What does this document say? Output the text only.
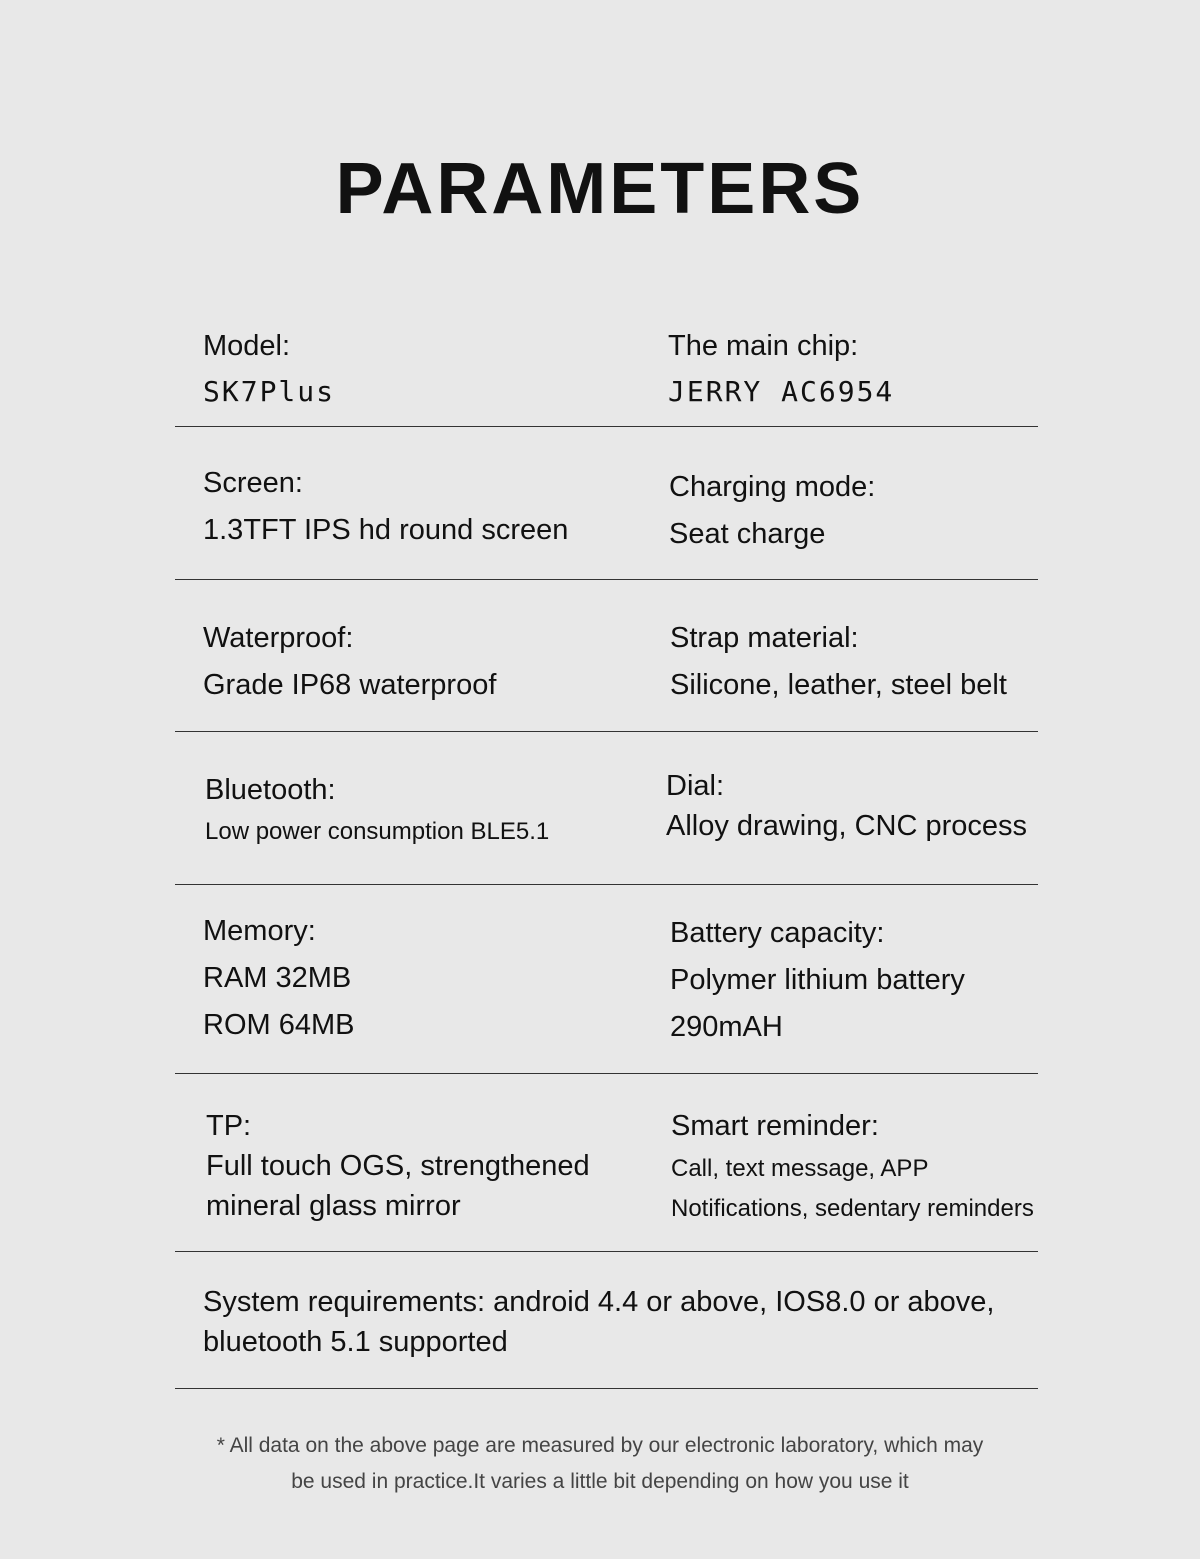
PARAMETERS

Model:

SK7Plus

The main chip:

JERRY AC6954

Screen:

1.3TFT IPS hd round screen

Charging mode:

Seat charge

Waterproof:

Grade IP68 waterproof

Strap material:

Silicone, leather, steel belt

Bluetooth:

Low power consumption BLE5.1

Dial:

Alloy drawing, CNC process

Memory:

RAM 32MB

ROM 64MB

Battery capacity:

Polymer lithium battery

290mAH

TP:

Full touch OGS, strengthened

mineral glass mirror

Smart reminder:

Call, text message, APP

Notifications, sedentary reminders

System requirements: android 4.4 or above, IOS8.0 or above,

bluetooth 5.1 supported

* All data on the above page are measured by our electronic laboratory, which may

be used in practice.It varies a little bit depending on how you use it
